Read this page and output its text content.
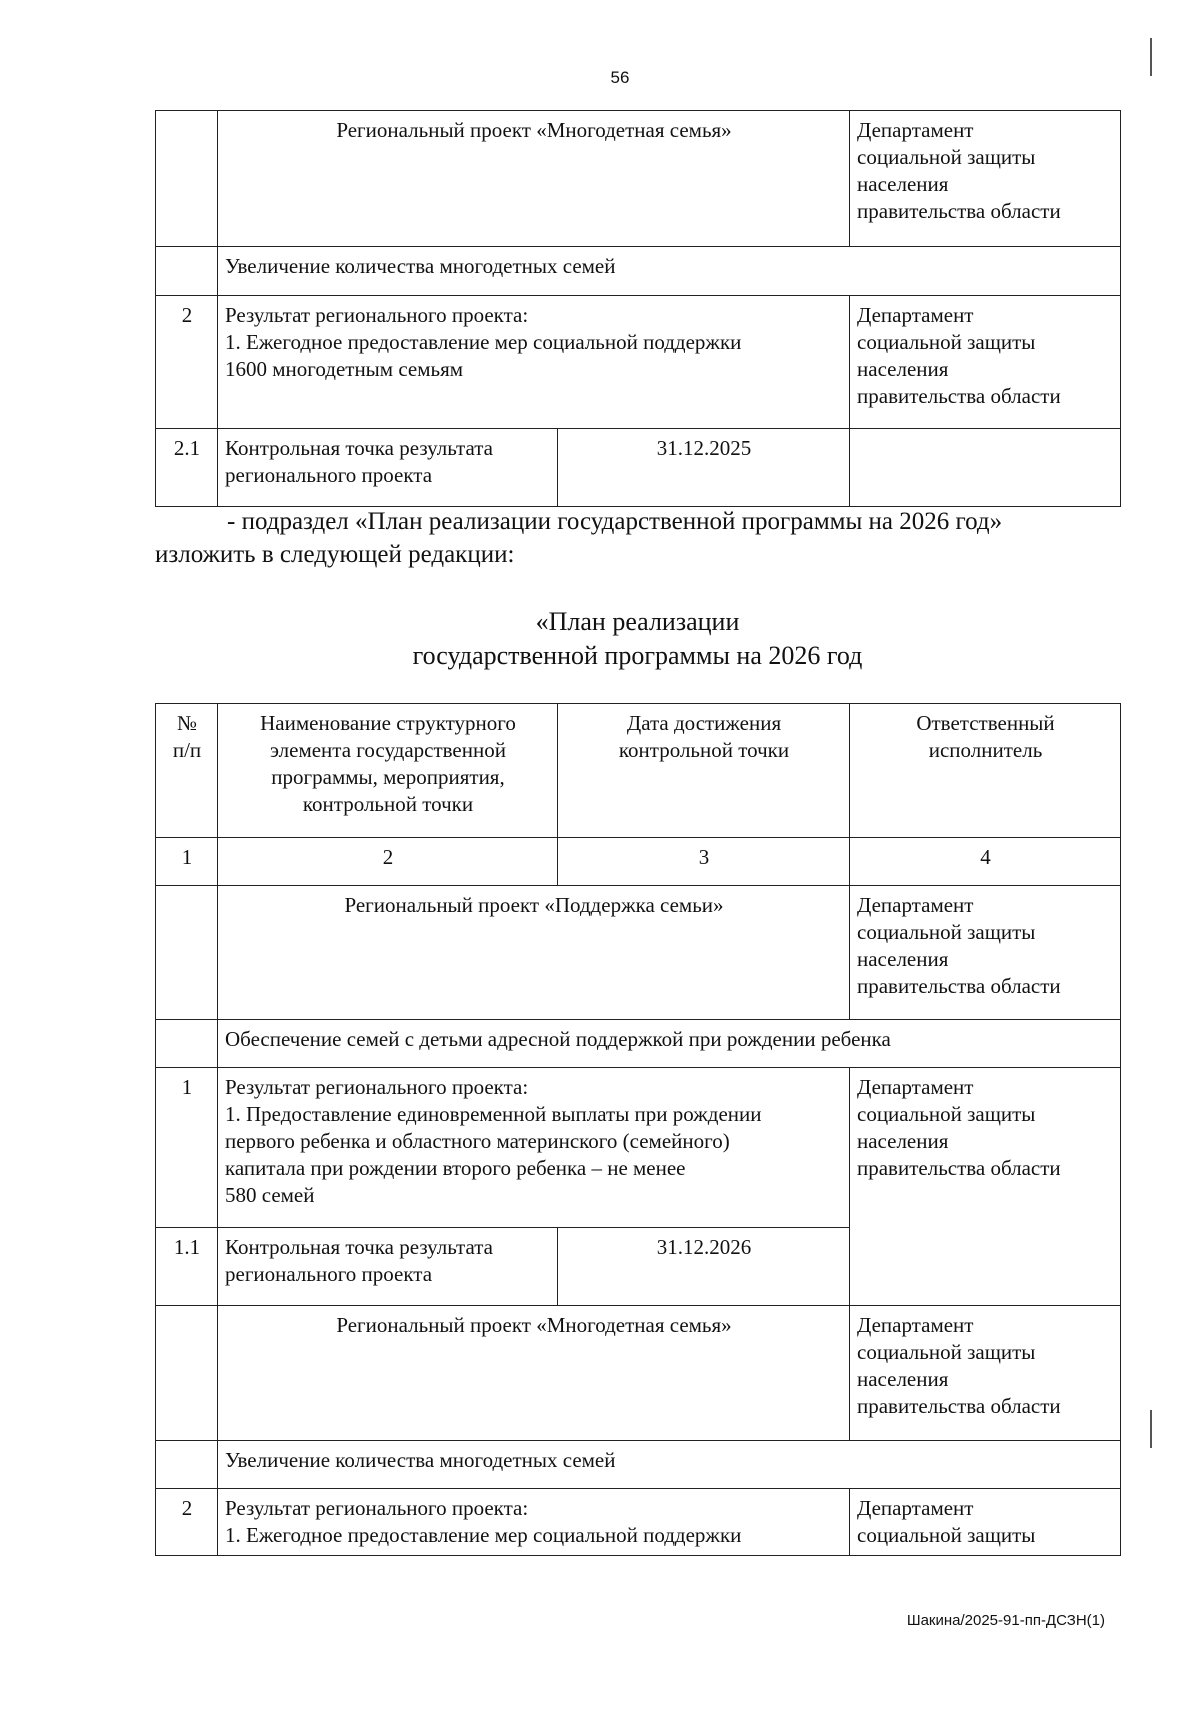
56
	Региональный проект «Многодетная семья»		Департамент
социальной защиты
населения
правительства области
	Увеличение количества многодетных семей		
2	Результат регионального проекта:
1. Ежегодное предоставление мер социальной поддержки
1600 многодетным семьям		Департамент
социальной защиты
населения
правительства области
2.1	Контрольная точка результата
регионального проекта	31.12.2025	
- подраздел «План реализации государственной программы на 2026 год»
изложить в следующей редакции:
«План реализации
государственной программы на 2026 год
№
п/п	Наименование структурного
элемента государственной
программы, мероприятия,
контрольной точки	Дата достижения
контрольной точки	Ответственный
исполнитель
1	2	3	4
	Региональный проект «Поддержка семьи»		Департамент
социальной защиты
населения
правительства области
	Обеспечение семей с детьми адресной поддержкой при рождении ребенка		
1	Результат регионального проекта:
1. Предоставление единовременной выплаты при рождении
первого ребенка и областного материнского (семейного)
капитала при рождении второго ребенка – не менее
580 семей		Департамент
социальной защиты
населения
правительства области
1.1	Контрольная точка результата
регионального проекта	31.12.2026	
	Региональный проект «Многодетная семья»		Департамент
социальной защиты
населения
правительства области
	Увеличение количества многодетных семей		
2	Результат регионального проекта:
1. Ежегодное предоставление мер социальной поддержки		Департамент
социальной защиты
Шакина/2025-91-пп-ДСЗН(1)
